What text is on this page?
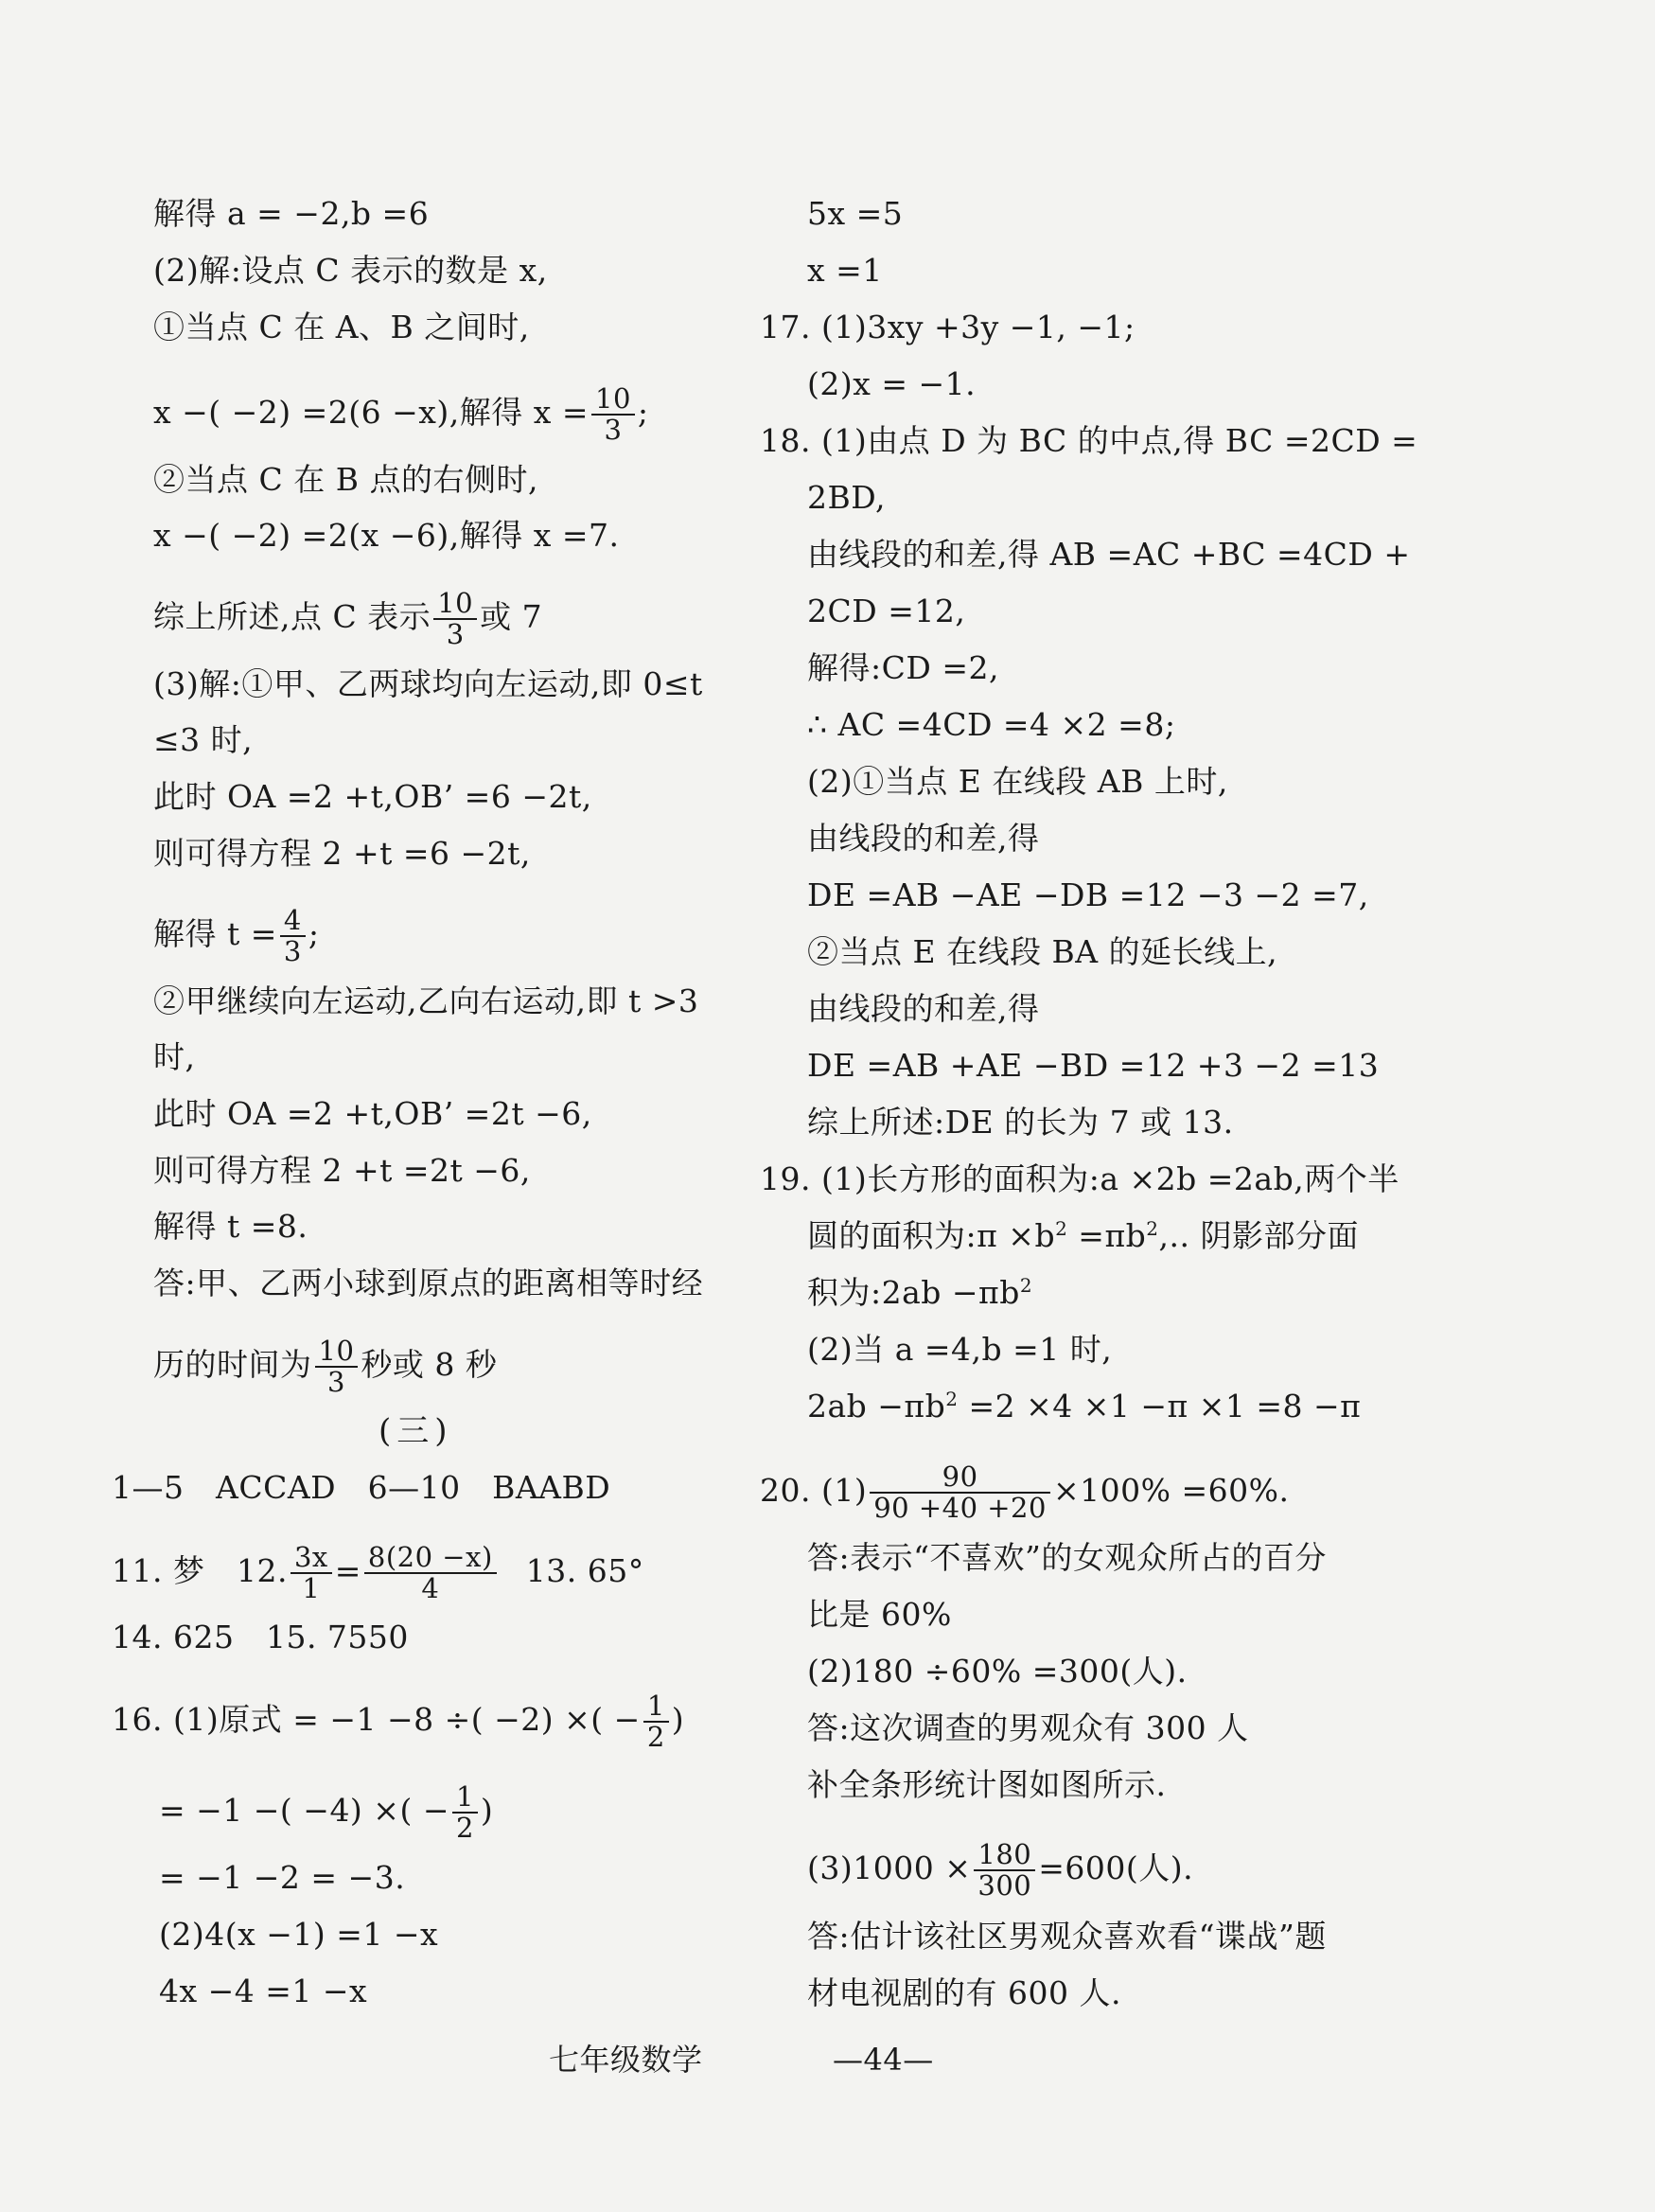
解得 a = −2,b =6
(2)解:设点 C 表示的数是 x,
①当点 C 在 A、B 之间时,
x −( −2) =2(6 −x),解得 $x = \frac{10}{3}$ ;
②当点 C 在 B 点的右侧时,
x −( −2) =2(x −6),解得 x =7.
综上所述,点 C 表示 $\frac{10}{3}$ 或 7
(3)解:①甲、乙两球均向左运动,即 0≤t
≤3 时,
此时 OA =2 +t,OB’ =6 −2t,
则可得方程 2 +t =6 −2t,
解得 $t = \frac{4}{3}$ ;
②甲继续向左运动,乙向右运动,即 t >3
时,
此时 OA =2 +t,OB’ =2t −6,
则可得方程 2 +t =2t −6,
解得 t =8.
答:甲、乙两小球到原点的距离相等时经
历的时间为 $\frac{10}{3}$ 秒或 8 秒
(三)
1—5　ACCAD　6—10　BAABD
11. 梦　12. $\frac{3x}{1} = \frac{8(20 -x)}{4} 13$. 65°
14. 625　15. 7550
16. (1)原式 = −1 −8 ÷( −2) ×( − $\frac{1}{2}$ )
= −1 −( −4) ×( − $\frac{1}{2}$ )
= −1 −2 = −3.
(2)4(x −1) =1 −x
4x −4 =1 −x
5x =5
x =1
17. (1)3xy +3y −1, −1;
(2)x = −1.
18. (1)由点 D 为 BC 的中点,得 BC =2CD =
2BD,
由线段的和差,得 AB =AC +BC =4CD +
2CD =12,
解得:CD =2,
∴ AC =4CD =4 ×2 =8;
(2)①当点 E 在线段 AB 上时,
由线段的和差,得
DE =AB −AE −DB =12 −3 −2 =7,
②当点 E 在线段 BA 的延长线上,
由线段的和差,得
DE =AB +AE −BD =12 +3 −2 =13
综上所述:DE 的长为 7 或 13.
19. (1)长方形的面积为:a ×2b =2ab,两个半
圆的面积为:π $\times b^2 =\pi b^2$,.. 阴影部分面
积为:2ab $-\pi b^2$
(2)当 a =4,b =1 时,
$2ab -\pi b^2 =2 \times 4 \times 1 -\pi \times 1 =8 -\pi$
20. $(1) \frac{90}{90 +40 +20} \times 100\% =60\%$.
答:表示“不喜欢”的女观众所占的百分
比是 60%
(2)180 ÷60% =300(人).
答:这次调查的男观众有 300 人
补全条形统计图如图所示.
$(3)1000 \times \frac{180}{300} =600$(人).
答:估计该社区男观众喜欢看“谍战”题
材电视剧的有 600 人.
七年级数学	—44—
